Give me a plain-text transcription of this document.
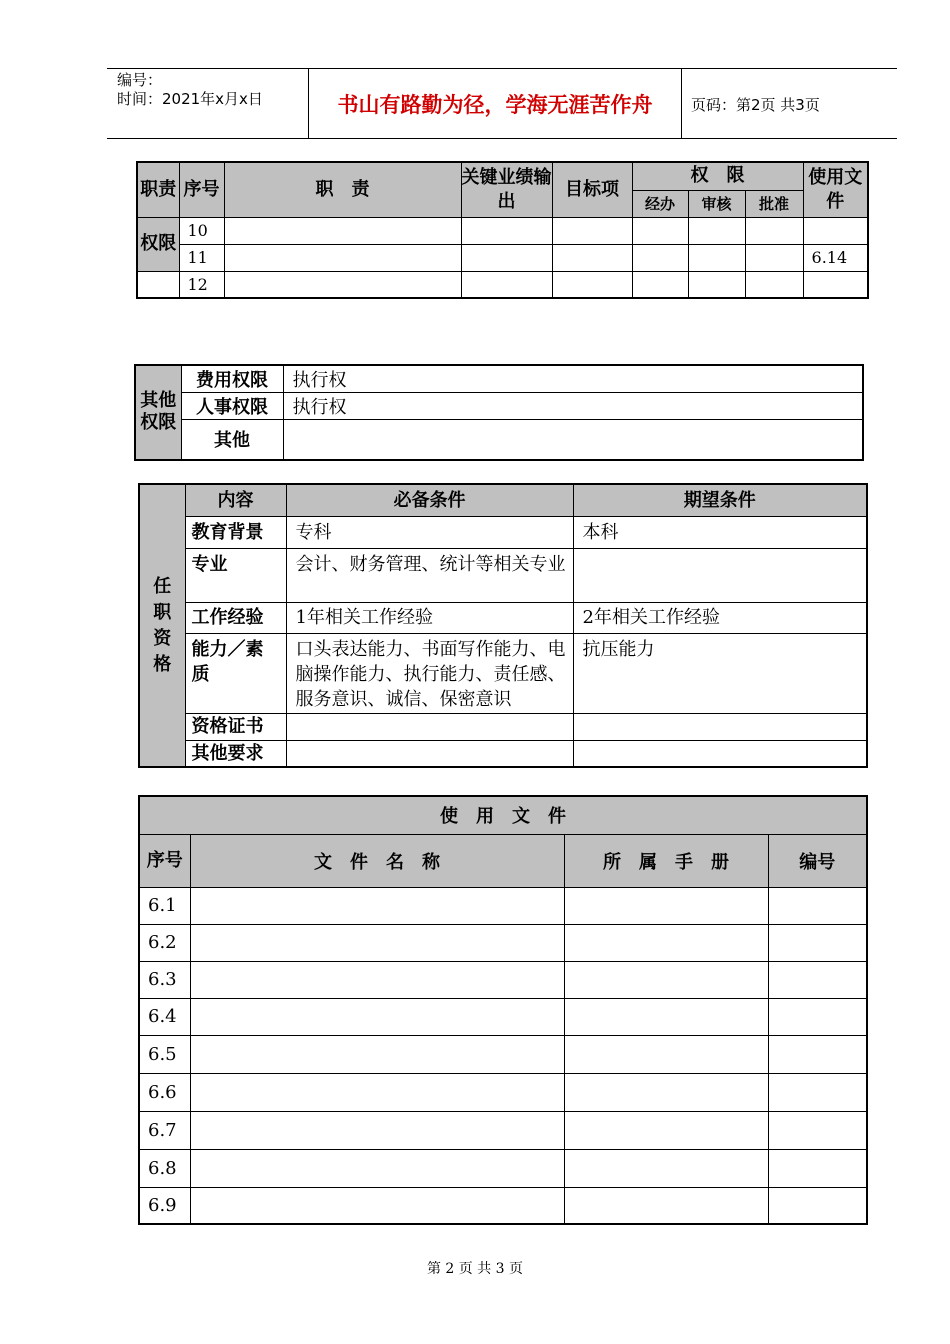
编号：
时间：2021年x月x日	书山有路勤为径，学海无涯苦作舟	页码：第2页 共3页
职责	序号	职　责	关键业绩输出	目标项	权　限			使用文件
					经办	审核	批准	
权限	10							
	11							6.14
	12							
其他权限	费用权限	执行权
	人事权限	执行权
	其他	
任职资格	内容	必备条件	期望条件
	教育背景	专科	本科
	专业	会计、财务管理、统计等相关专业	
	工作经验	1年相关工作经验	2年相关工作经验
	能力／素质	口头表达能力、书面写作能力、电脑操作能力、执行能力、责任感、服务意识、诚信、保密意识	抗压能力
	资格证书		
	其他要求		
使　用　文　件			
序号	文　件　名　称	所　属　手　册	编号
6.1			
6.2			
6.3			
6.4			
6.5			
6.6			
6.7			
6.8			
6.9			
第 2 页 共 3 页
